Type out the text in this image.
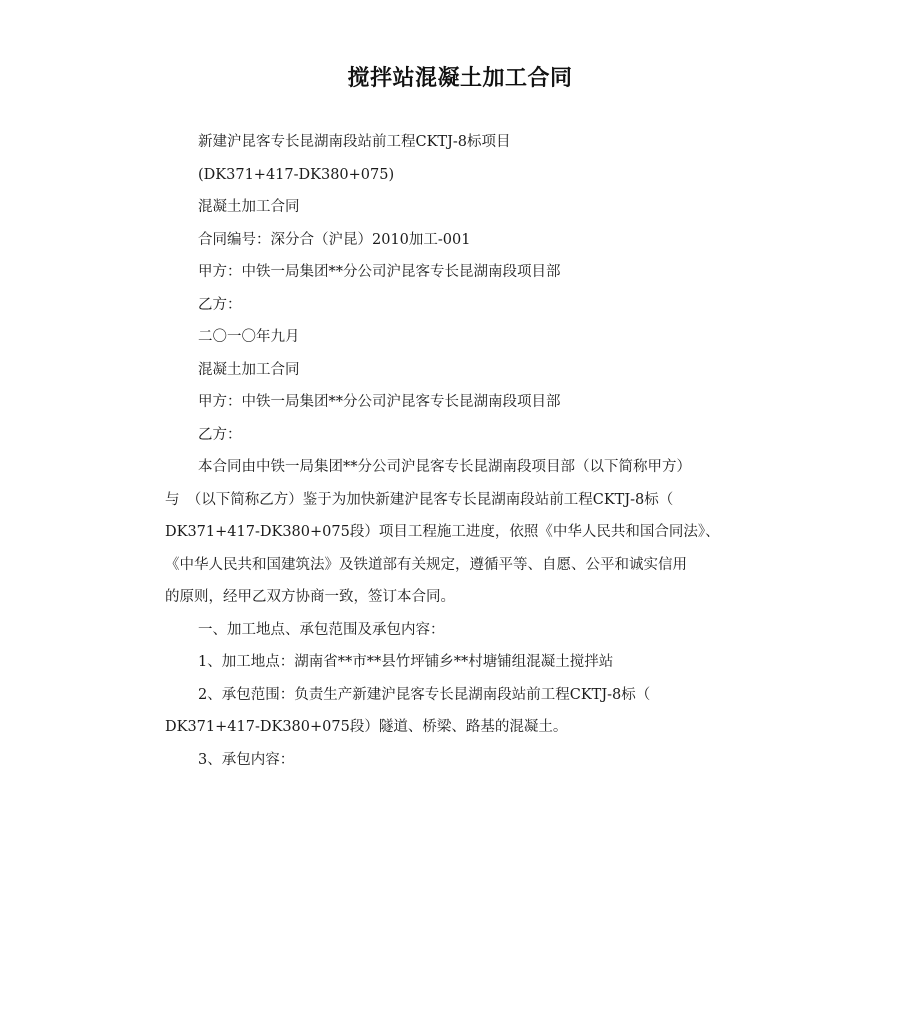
搅拌站混凝土加工合同
新建沪昆客专长昆湖南段站前工程CKTJ-8标项目
(DK371+417-DK380+075)
混凝土加工合同
合同编号：深分合（沪昆）2010加工-001
甲方：中铁一局集团**分公司沪昆客专长昆湖南段项目部
乙方：
二〇一〇年九月
混凝土加工合同
甲方：中铁一局集团**分公司沪昆客专长昆湖南段项目部
乙方：
本合同由中铁一局集团**分公司沪昆客专长昆湖南段项目部（以下简称甲方）
与　（以下简称乙方）鉴于为加快新建沪昆客专长昆湖南段站前工程CKTJ-8标（
DK371+417-DK380+075段）项目工程施工进度，依照《中华人民共和国合同法》、
《中华人民共和国建筑法》及铁道部有关规定，遵循平等、自愿、公平和诚实信用
的原则，经甲乙双方协商一致，签订本合同。
一、加工地点、承包范围及承包内容：
1、加工地点：湖南省**市**县竹坪铺乡**村塘铺组混凝土搅拌站
2、承包范围：负责生产新建沪昆客专长昆湖南段站前工程CKTJ-8标（
DK371+417-DK380+075段）隧道、桥梁、路基的混凝土。
3、承包内容：
